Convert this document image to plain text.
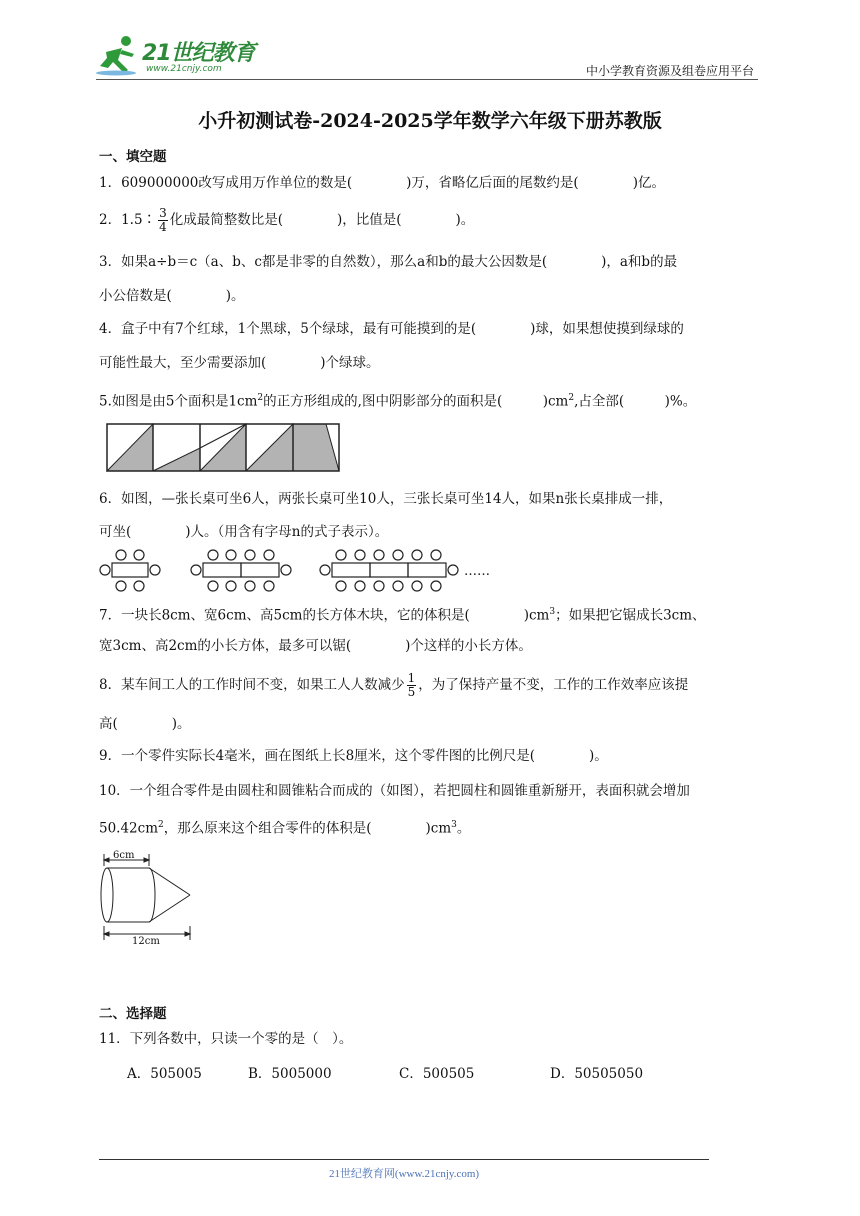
21世纪教育
www.21cnjy.com	中小学教育资源及组卷应用平台
小升初测试卷-2024-2025学年数学六年级下册苏教版
一、填空题
1．609000000改写成用万作单位的数是(　　　　)万，省略亿后面的尾数约是(　　　　)亿。
2．1.5∶ $\frac{3}{4}$ 化成最简整数比是(　　　　)，比值是(　　　　)。
3．如果a÷b＝c（a、b、c都是非零的自然数），那么a和b的最大公因数是(　　　　)，a和b的最
小公倍数是(　　　　)。
4．盒子中有7个红球，1个黑球，5个绿球，最有可能摸到的是(　　　　)球，如果想使摸到绿球的
可能性最大，至少需要添加(　　　　)个绿球。
5.如图是由5个面积是$1cm^2$的正方形组成的,图中阴影部分的面积是(　　　)$cm^2$,占全部(　　　)%。
6．如图，—张长桌可坐6人，两张长桌可坐10人，三张长桌可坐14人，如果n张长桌排成一排，
可坐(　　　　)人。（用含有字母n的式子表示）。
……
7．一块长8cm、宽6cm、高5cm的长方体木块，它的体积是(　　　　)$cm^3$；如果把它锯成长3cm、
宽3cm、高2cm的小长方体，最多可以锯(　　　　)个这样的小长方体。
8．某车间工人的工作时间不变，如果工人人数减少 $\frac{1}{5}$ ，为了保持产量不变，工作的工作效率应该提
高(　　　　)。
9．一个零件实际长4毫米，画在图纸上长8厘米，这个零件图的比例尺是(　　　　)。
10．一个组合零件是由圆柱和圆锥粘合而成的（如图），若把圆柱和圆锥重新掰开，表面积就会增加
$50.42cm^2$，那么原来这个组合零件的体积是(　　　　)$cm^3$。
6cm
12cm
二、选择题
11．下列各数中，只读一个零的是（　）。
A．505005	B．5005000	C．500505	D．50505050
21世纪教育网(www.21cnjy.com)
